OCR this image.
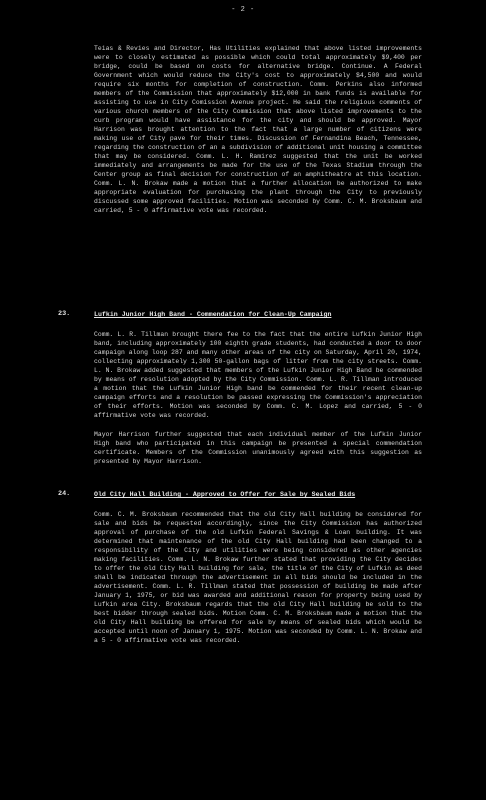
- 2 -

Teias & Revies and Director, Has Utilities explained that above listed improvements were to closely estimated as possible which could total approximately $9,400 per bridge, could be based on costs for alternative bridge. Continue. A Federal Government which would reduce the City's cost to approximately $4,500 and would require six months for completion of construction. Comm. Perkins also informed members of the Commission that approximately $12,000 in bank funds is available for assisting to use in City Comission Avenue project. He said the religious comments of various church members of the City Commission that above listed improvements to the curb program would have assistance for the city and should be approved. Mayor Harrison was brought attention to the fact that a large number of citizens were making use of City pave for their times. Discussion of Fernandina Beach, Tennessee, regarding the construction of an a subdivision of additional unit housing a committee that may be considered. Comm. L. H. Ramirez suggested that the unit be worked immediately and arrangements be made for the use of the Texas Stadium through the Center group as final decision for construction of an amphitheatre at this location. Comm. L. N. Brokaw made a motion that a further allocation be authorized to make appropriate evaluation for purchasing the plant through the City to previously discussed some approved facilities. Motion was seconded by Comm. C. M. Broksbaum and carried, 5 - 0 affirmative vote was recorded.

23.	Lufkin Junior High Band - Commendation for Clean-Up Campaign

Comm. L. R. Tillman brought there fee to the fact that the entire Lufkin Junior High band, including approximately 100 eighth grade students, had conducted a door to door campaign along loop 287 and many other areas of the city on Saturday, April 20, 1974, collecting approximately 1,300 50-gallon bags of litter from the city streets. Comm. L. N. Brokaw added suggested that members of the Lufkin Junior High Band be commended by means of resolution adopted by the City Commission. Comm. L. R. Tillman introduced a motion that the Lufkin Junior High band be commended for their recent clean-up campaign efforts and a resolution be passed expressing the Commission's appreciation of their efforts. Motion was seconded by Comm. C. M. Lopez and carried, 5 - 0 affirmative vote was recorded.

Mayor Harrison further suggested that each individual member of the Lufkin Junior High band who participated in this campaign be presented a special commendation certificate. Members of the Commission unanimously agreed with this suggestion as presented by Mayor Harrison.

24.	Old City Hall Building - Approved to Offer for Sale by Sealed Bids

Comm. C. M. Broksbaum recommended that the old City Hall building be considered for sale and bids be requested accordingly, since the City Commission has authorized approval of purchase of the old Lufkin Federal Savings & Loan building. It was determined that maintenance of the old City Hall building had been changed to a responsibility of the City and utilities were being considered as other agencies making facilities. Comm. L. N. Brokaw further stated that providing the City decides to offer the old City Hall building for sale, the title of the City of Lufkin as deed shall be indicated through the advertisement in all bids should be included in the advertisement. Comm. L. R. Tillman stated that possession of building be made after January 1, 1975, or bid was awarded and additional reason for property being used by Lufkin area City. Broksbaum regards that the old City Hall building be sold to the best bidder through sealed bids. Motion Comm. C. M. Broksbaum made a motion that the old City Hall building be offered for sale by means of sealed bids which would be accepted until noon of January 1, 1975. Motion was seconded by Comm. L. N. Brokaw and a 5 - 0 affirmative vote was recorded.
